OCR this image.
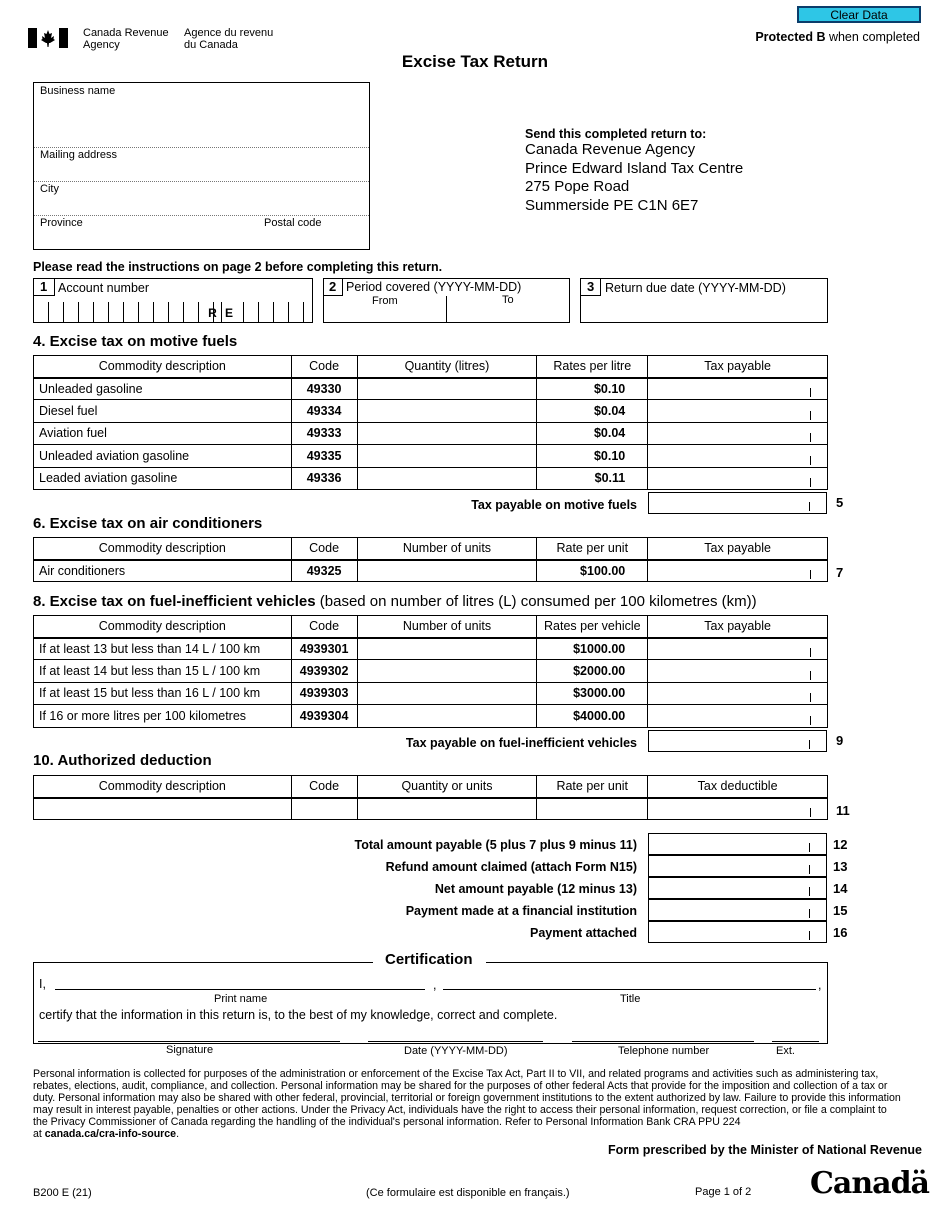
Canada Revenue
Agency
Agence du revenu
du Canada
Clear Data
Protected B when completed
Excise Tax Return
Business name
Mailing address
City
Province	Postal code
Send this completed return to:
Canada Revenue Agency
Prince Edward Island Tax Centre
275 Pope Road
Summerside PE C1N 6E7
Please read the instructions on page 2 before completing this return.
1 Account number
R E
2 Period covered (YYYY-MM-DD)
From	To
3 Return due date (YYYY-MM-DD)
4. Excise tax on motive fuels
Commodity description	Code	Quantity (litres)	Rates per litre	Tax payable
Unleaded gasoline	49330		$0.10	

Diesel fuel	49334		$0.04	

Aviation fuel	49333		$0.04	

Unleaded aviation gasoline	49335		$0.10	

Leaded aviation gasoline	49336		$0.11	
Tax payable on motive fuels	5
6. Excise tax on air conditioners
Commodity description	Code	Number of units	Rate per unit	Tax payable
Air conditioners	49325		$100.00		7
8. Excise tax on fuel-inefficient vehicles (based on number of litres (L) consumed per 100 kilometres (km))
Commodity description	Code	Number of units	Rates per vehicle	Tax payable
If at least 13 but less than 14 L / 100 km	4939301		$1000.00	

If at least 14 but less than 15 L / 100 km	4939302		$2000.00	

If at least 15 but less than 16 L / 100 km	4939303		$3000.00	

If 16 or more litres per 100 kilometres	4939304		$4000.00	
Tax payable on fuel-inefficient vehicles	9
10. Authorized deduction
Commodity description	Code	Quantity or units	Rate per unit	Tax deductible

11
Total amount payable (5 plus 7 plus 9 minus 11)	12
Refund amount claimed (attach Form N15)	13
Net amount payable (12 minus 13)	14
Payment made at a financial institution	15
Payment attached	16
Certification
I,	,	,
Print name	Title
certify that the information in this return is, to the best of my knowledge, correct and complete.
Signature	Date (YYYY-MM-DD)	Telephone number	Ext.
Personal information is collected for purposes of the administration or enforcement of the Excise Tax Act, Part II to VII, and related programs and activities such as administering tax, rebates, elections, audit, compliance, and collection. Personal information may be shared for the purposes of other federal Acts that provide for the imposition and collection of a tax or duty. Personal information may also be shared with other federal, provincial, territorial or foreign government institutions to the extent authorized by law. Failure to provide this information may result in interest payable, penalties or other actions. Under the Privacy Act, individuals have the right to access their personal information, request correction, or file a complaint to the Privacy Commissioner of Canada regarding the handling of the individual's personal information. Refer to Personal Information Bank CRA PPU 224
at canada.ca/cra-info-source.
Form prescribed by the Minister of National Revenue
B200 E (21)	(Ce formulaire est disponible en français.)	Page 1 of 2 Canadä
